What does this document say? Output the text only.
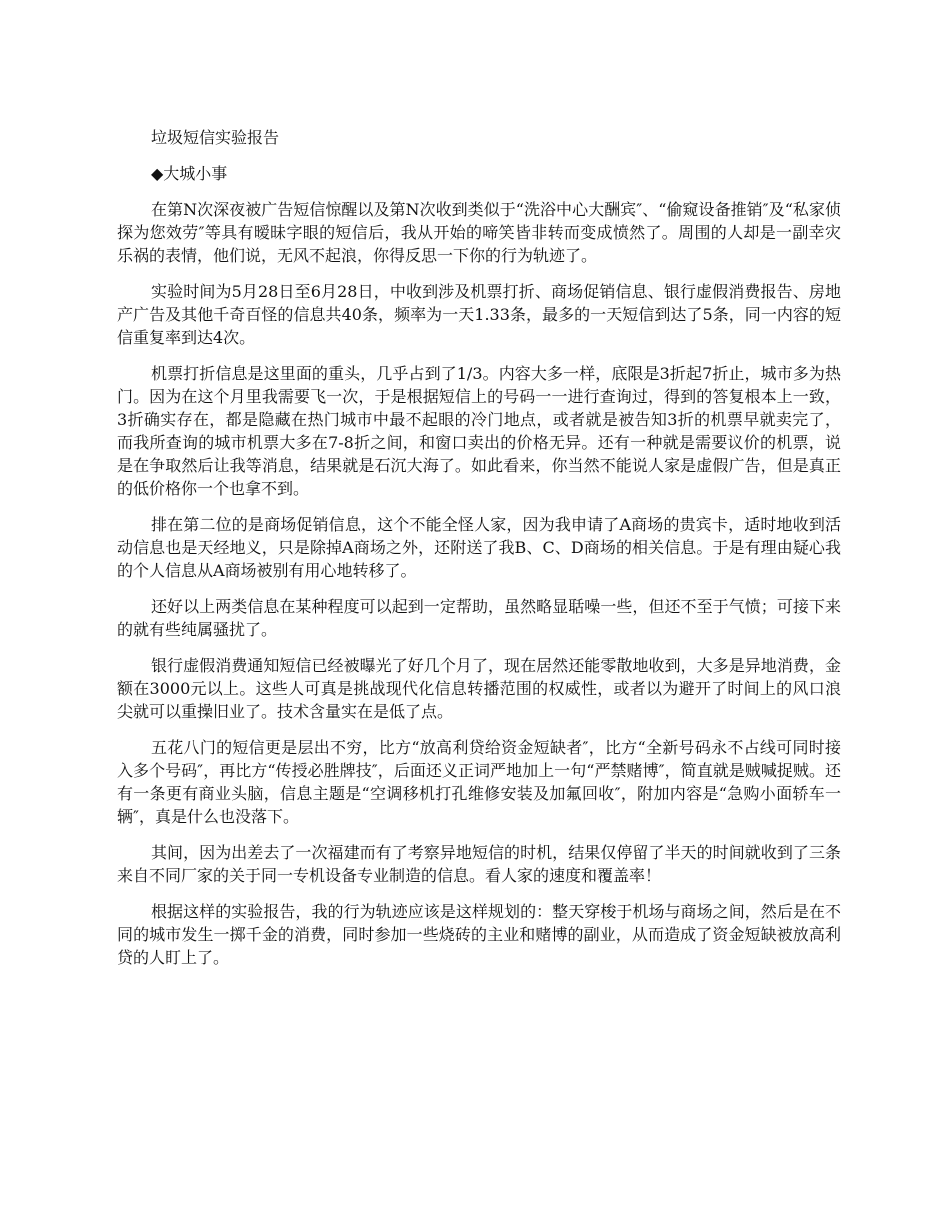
垃圾短信实验报告

◆大城小事

在第N次深夜被广告短信惊醒以及第N次收到类似于“洗浴中心大酬宾″、“偷窥设备推销″及“私家侦探为您效劳″等具有暧昧字眼的短信后，我从开始的啼笑皆非转而变成愤然了。周围的人却是一副幸灾乐祸的表情，他们说，无风不起浪，你得反思一下你的行为轨迹了。

实验时间为5月28日至6月28日，中收到涉及机票打折、商场促销信息、银行虚假消费报告、房地产广告及其他千奇百怪的信息共40条，频率为一天1.33条，最多的一天短信到达了5条，同一内容的短信重复率到达4次。

机票打折信息是这里面的重头，几乎占到了1/3。内容大多一样，底限是3折起7折止，城市多为热门。因为在这个月里我需要飞一次，于是根据短信上的号码一一进行查询过，得到的答复根本上一致，3折确实存在，都是隐藏在热门城市中最不起眼的冷门地点，或者就是被告知3折的机票早就卖完了，而我所查询的城市机票大多在7-8折之间，和窗口卖出的价格无异。还有一种就是需要议价的机票，说是在争取然后让我等消息，结果就是石沉大海了。如此看来，你当然不能说人家是虚假广告，但是真正的低价格你一个也拿不到。

排在第二位的是商场促销信息，这个不能全怪人家，因为我申请了A商场的贵宾卡，适时地收到活动信息也是天经地义，只是除掉A商场之外，还附送了我B、C、D商场的相关信息。于是有理由疑心我的个人信息从A商场被别有用心地转移了。

还好以上两类信息在某种程度可以起到一定帮助，虽然略显聒噪一些，但还不至于气愤；可接下来的就有些纯属骚扰了。

银行虚假消费通知短信已经被曝光了好几个月了，现在居然还能零散地收到，大多是异地消费，金额在3000元以上。这些人可真是挑战现代化信息转播范围的权威性，或者以为避开了时间上的风口浪尖就可以重操旧业了。技术含量实在是低了点。

五花八门的短信更是层出不穷，比方“放高利贷给资金短缺者″，比方“全新号码永不占线可同时接入多个号码″，再比方“传授必胜牌技″，后面还义正词严地加上一句“严禁赌博″，简直就是贼喊捉贼。还有一条更有商业头脑，信息主题是“空调移机打孔维修安装及加氟回收″，附加内容是“急购小面轿车一辆″，真是什么也没落下。

其间，因为出差去了一次福建而有了考察异地短信的时机，结果仅停留了半天的时间就收到了三条来自不同厂家的关于同一专机设备专业制造的信息。看人家的速度和覆盖率！

根据这样的实验报告，我的行为轨迹应该是这样规划的：整天穿梭于机场与商场之间，然后是在不同的城市发生一掷千金的消费，同时参加一些烧砖的主业和赌博的副业，从而造成了资金短缺被放高利贷的人盯上了。
